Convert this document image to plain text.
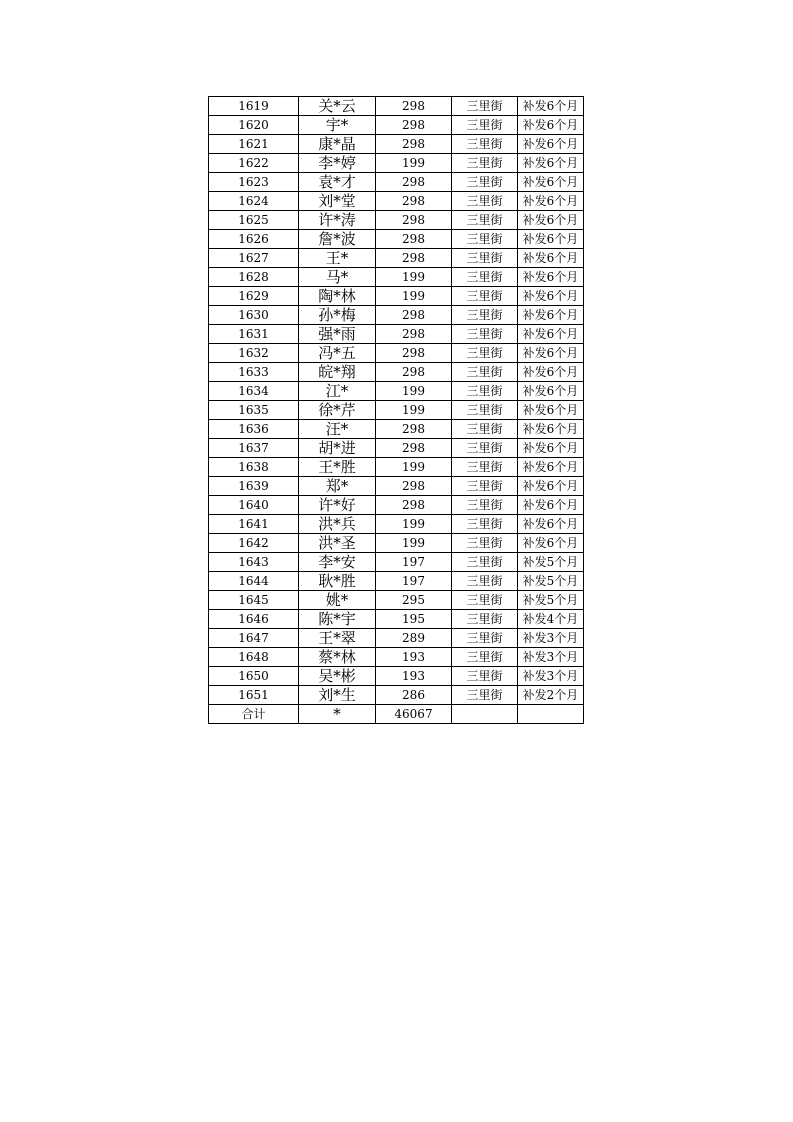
1619	关*云	298	三里街	补发6个月
1620	宇*	298	三里街	补发6个月
1621	康*晶	298	三里街	补发6个月
1622	李*婷	199	三里街	补发6个月
1623	袁*才	298	三里街	补发6个月
1624	刘*堂	298	三里街	补发6个月
1625	许*涛	298	三里街	补发6个月
1626	詹*波	298	三里街	补发6个月
1627	王*	298	三里街	补发6个月
1628	马*	199	三里街	补发6个月
1629	陶*林	199	三里街	补发6个月
1630	孙*梅	298	三里街	补发6个月
1631	强*雨	298	三里街	补发6个月
1632	冯*五	298	三里街	补发6个月
1633	皖*翔	298	三里街	补发6个月
1634	江*	199	三里街	补发6个月
1635	徐*芹	199	三里街	补发6个月
1636	汪*	298	三里街	补发6个月
1637	胡*进	298	三里街	补发6个月
1638	王*胜	199	三里街	补发6个月
1639	郑*	298	三里街	补发6个月
1640	许*好	298	三里街	补发6个月
1641	洪*兵	199	三里街	补发6个月
1642	洪*圣	199	三里街	补发6个月
1643	李*安	197	三里街	补发5个月
1644	耿*胜	197	三里街	补发5个月
1645	姚*	295	三里街	补发5个月
1646	陈*宇	195	三里街	补发4个月
1647	王*翠	289	三里街	补发3个月
1648	蔡*林	193	三里街	补发3个月
1650	吴*彬	193	三里街	补发3个月
1651	刘*生	286	三里街	补发2个月
合计	*	46067		
